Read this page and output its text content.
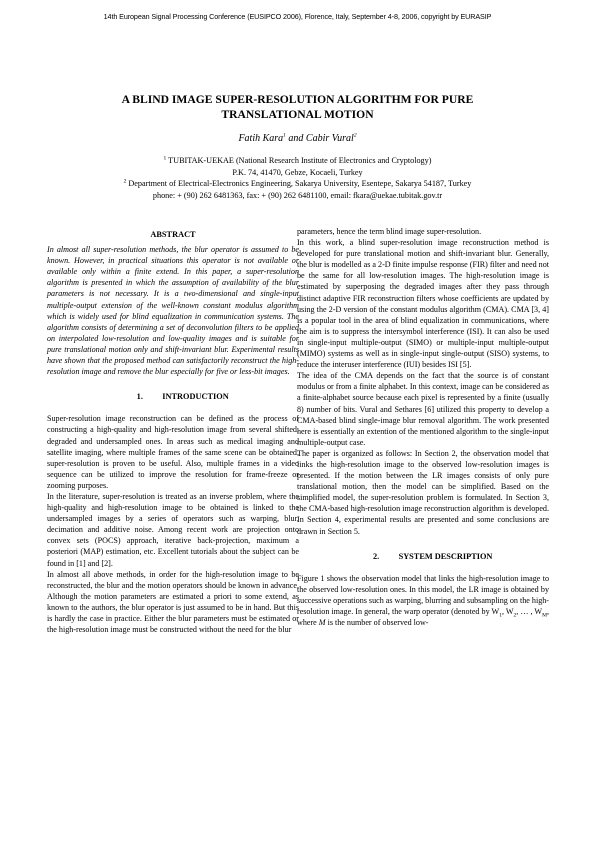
14th European Signal Processing Conference (EUSIPCO 2006), Florence, Italy, September 4-8, 2006, copyright by EURASIP
A BLIND IMAGE SUPER-RESOLUTION ALGORITHM FOR PURE
TRANSLATIONAL MOTION
Fatih Kara$^1$ and Cabir Vural$^2$
$^1$ TUBITAK-UEKAE (National Research Institute of Electronics and Cryptology)
P.K. 74, 41470, Gebze, Kocaeli, Turkey
$^2$ Department of Electrical-Electronics Engineering, Sakarya University, Esentepe, Sakarya 54187, Turkey
phone: + (90) 262 6481363, fax: + (90) 262 6481100, email: fkara@uekae.tubitak.gov.tr
ABSTRACT

In almost all super-resolution methods, the blur operator is assumed to be known. However, in practical situations this operator is not available or available only within a finite extend. In this paper, a super-resolution algorithm is presented in which the assumption of availability of the blur parameters is not necessary. It is a two-dimensional and single-input multiple-output extension of the well-known constant modulus algorithm which is widely used for blind equalization in communication systems. The algorithm consists of determining a set of deconvolution filters to be applied on interpolated low-resolution and low-quality images and is suitable for pure translational motion only and shift-invariant blur. Experimental results have shown that the proposed method can satisfactorily reconstruct the high-resolution image and remove the blur especially for five or less-bit images.

1. INTRODUCTION

Super-resolution image reconstruction can be defined as the process of constructing a high-quality and high-resolution image from several shifted, degraded and undersampled ones. In areas such as medical imaging and satellite imaging, where multiple frames of the same scene can be obtained, super-resolution is proven to be useful. Also, multiple frames in a video sequence can be utilized to improve the resolution for frame-freeze or zooming purposes.

In the literature, super-resolution is treated as an inverse problem, where the high-quality and high-resolution image to be obtained is linked to the undersampled images by a series of operators such as warping, blur, decimation and additive noise. Among recent work are projection onto convex sets (POCS) approach, iterative back-projection, maximum a posteriori (MAP) estimation, etc. Excellent tutorials about the subject can be found in [1] and [2].

In almost all above methods, in order for the high-resolution image to be reconstructed, the blur and the motion operators should be known in advance. Although the motion parameters are estimated a priori to some extend, as known to the authors, the blur operator is just assumed to be in hand. But this is hardly the case in practice. Either the blur parameters must be estimated or the high-resolution image must be constructed without the need for the blur

parameters, hence the term blind image super-resolution.

In this work, a blind super-resolution image reconstruction method is developed for pure translational motion and shift-invariant blur. Generally, the blur is modelled as a 2-D finite impulse response (FIR) filter and need not be the same for all low-resolution images. The high-resolution image is estimated by superposing the degraded images after they pass through distinct adaptive FIR reconstruction filters whose coefficients are updated by using the 2-D version of the constant modulus algorithm (CMA). CMA [3, 4] is a popular tool in the area of blind equalization in communications, where the aim is to suppress the intersymbol interference (ISI). It can also be used in single-input multiple-output (SIMO) or multiple-input multiple-output (MIMO) systems as well as in single-input single-output (SISO) systems, to reduce the interuser interference (IUI) besides ISI [5].

The idea of the CMA depends on the fact that the source is of constant modulus or from a finite alphabet. In this context, image can be considered as a finite-alphabet source because each pixel is represented by a finite (usually 8) number of bits. Vural and Sethares [6] utilized this property to develop a CMA-based blind single-image blur removal algorithm. The work presented here is essentially an extention of the mentioned algorithm to the single-input multiple-output case.

The paper is organized as follows: In Section 2, the observation model that links the high-resolution image to the observed low-resolution images is presented. If the motion between the LR images consists of only pure translational motion, then the model can be simplified. Based on the simplified model, the super-resolution problem is formulated. In Section 3, the CMA-based high-resolution image reconstruction algorithm is developed. In Section 4, experimental results are presented and some conclusions are drawn in Section 5.

2. SYSTEM DESCRIPTION

Figure 1 shows the observation model that links the high-resolution image to the observed low-resolution ones. In this model, the LR image is obtained by successive operations such as warping, blurring and subsampling on the high-resolution image. In general, the warp operator (denoted by $W_1$, $W_2$, … , $W_M$, where M is the number of observed low-
